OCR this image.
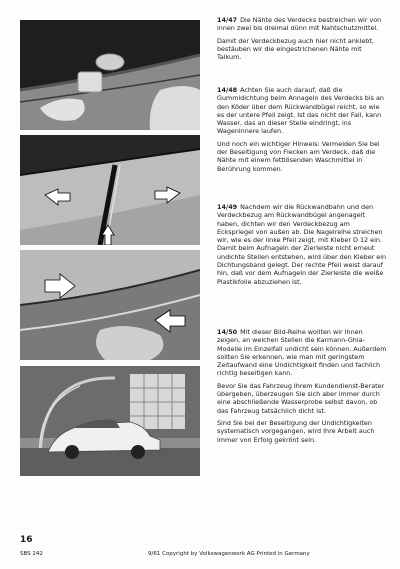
14/47 Die Nähte des Verdecks bestreichen wir von innen zwei bis dreimal dünn mit Nahtschutzmittel.

Damit der Verdeckbezug auch hier nicht anklebt, bestäuben wir die eingestrichenen Nähte mit Talkum.

14/48 Achten Sie auch darauf, daß die Gummidichtung beim Annageln des Verdecks bis an den Köder über dem Rückwandbügel reicht, so wie es der untere Pfeil zeigt. Ist das nicht der Fall, kann Wasser, das an dieser Stelle eindringt, ins Wageninnere laufen.

Und noch ein wichtiger Hinweis: Vermeiden Sie bei der Beseitigung von Flecken am Verdeck, daß die Nähte mit einem fettlösenden Waschmittel in Berührung kommen.

14/49 Nachdem wir die Rückwandbahn und den Verdeckbezug am Rückwandbügel angenagelt haben, dichten wir den Verdeckbezug am Eckspriegel von außen ab. Die Nagelreihe streichen wir, wie es der linke Pfeil zeigt, mit Kleber D 12 ein. Damit beim Aufnageln der Zierleiste nicht erneut undichte Stellen entstehen, wird über den Kleber ein Dichtungsband gelegt. Der rechte Pfeil weist darauf hin, daß vor dem Aufnageln der Zierleiste die weiße Plastikfolie abzuziehen ist.

14/50 Mit dieser Bild-Reihe wollten wir Ihnen zeigen, an welchen Stellen die Karmann-Ghia-Modelle im Einzelfall undicht sein können. Außerdem sollten Sie erkennen, wie man mit geringstem Zeitaufwand eine Undichtigkeit finden und fachlich richtig beseitigen kann.

Bevor Sie das Fahrzeug Ihrem Kundendienst-Berater übergeben, überzeugen Sie sich aber immer durch eine abschließende Wasserprobe selbst davon, ob das Fahrzeug tatsächlich dicht ist.

Sind Sie bei der Beseitigung der Undichtigkeiten systematisch vorgegangen, wird Ihre Arbeit auch immer von Erfolg gekrönt sein.

16
SBS 242	9/61 Copyright by Volkswagenwerk AG Printed in Germany
